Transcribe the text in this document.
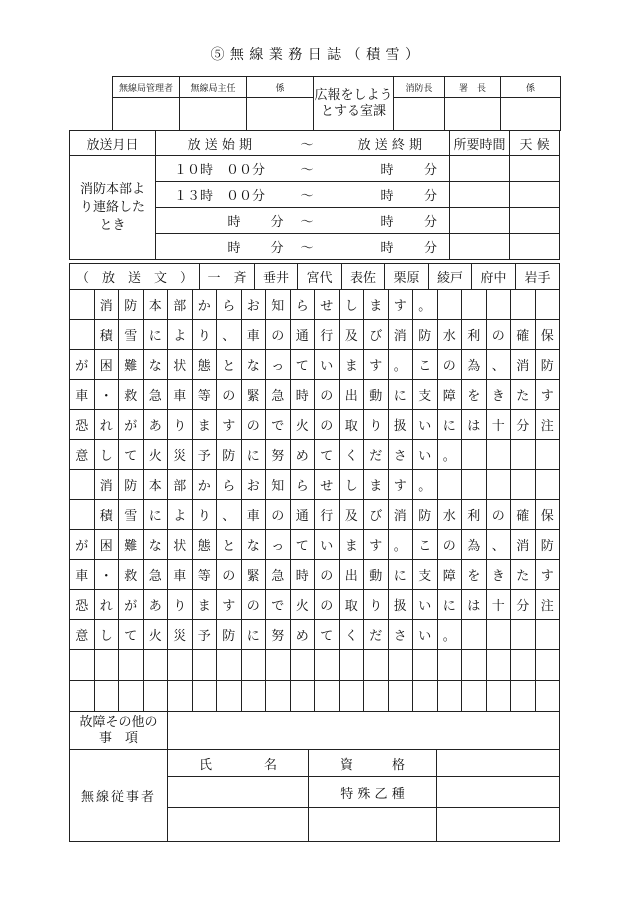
⑤ 無 線 業 務 日 誌 （ 積 雪 ）
無線局管理者	無線局主任	係	広報をしようとする室課	消防長	署　長	係

放送月日	放 送 始 期		～	放 送 終 期		所要時間	天 候
消防本部より連絡したとき	１０時　００分		～	時	分		
	１３時　００分		～	時	分		
	時	分	～	時	分		
	時	分	～	時	分		
（　放　送　文　）	一　斉	垂井	宮代	表佐	栗原	綾戸	府中	岩手
　	消	防	本	部	か	ら	お	知	ら	せ	し	ま	す	。	　	　	　	　	
　	積	雪	に	よ	り	、	車	の	通	行	及	び	消	防	水	利	の	確	保
が	困	難	な	状	態	と	な	っ	て	い	ま	す	。	こ	の	為	、	消	防
車	・	救	急	車	等	の	緊	急	時	の	出	動	に	支	障	を	き	た	す
恐	れ	が	あ	り	ま	す	の	で	火	の	取	り	扱	い	に	は	十	分	注
意	し	て	火	災	予	防	に	努	め	て	く	だ	さ	い	。	　	　	　	　
　	消	防	本	部	か	ら	お	知	ら	せ	し	ま	す	。	　	　	　	　	
　	積	雪	に	よ	り	、	車	の	通	行	及	び	消	防	水	利	の	確	保
が	困	難	な	状	態	と	な	っ	て	い	ま	す	。	こ	の	為	、	消	防
車	・	救	急	車	等	の	緊	急	時	の	出	動	に	支	障	を	き	た	す
恐	れ	が	あ	り	ま	す	の	で	火	の	取	り	扱	い	に	は	十	分	注
意	し	て	火	災	予	防	に	努	め	て	く	だ	さ	い	。	　	　	　	　

故障その他の　事　項			
無線従事者	氏　　　　名	資　　　格	
		特 殊 乙 種	
